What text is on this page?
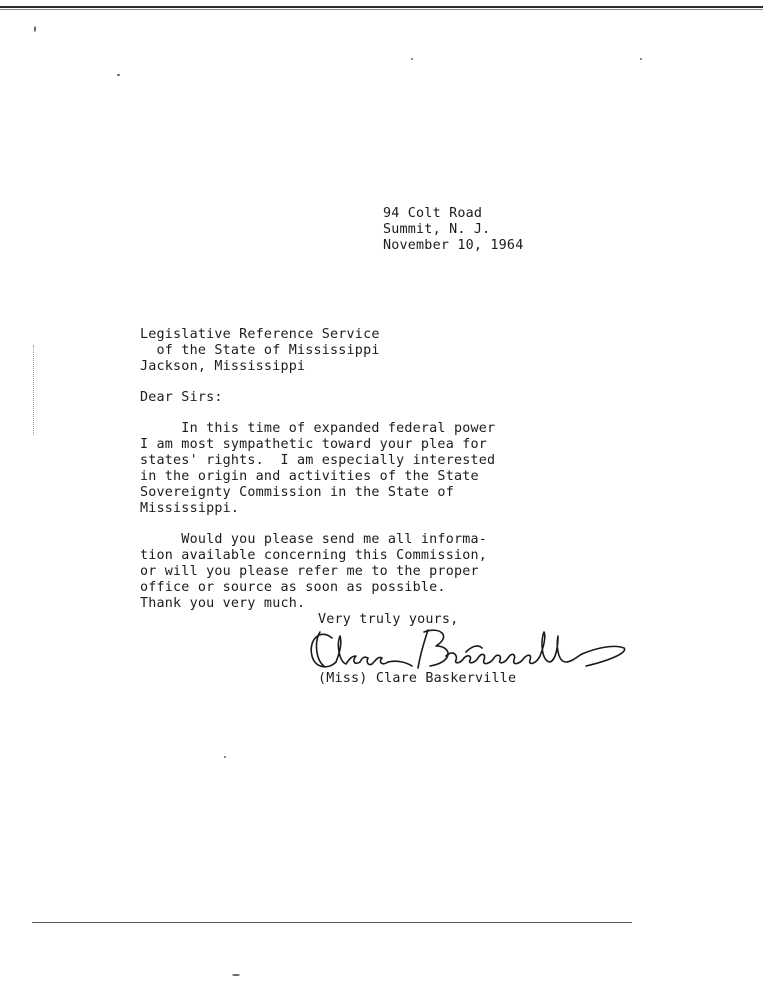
94 Colt Road
Summit, N. J.
November 10, 1964
Legislative Reference Service
of the State of Mississippi
Jackson, Mississippi
Dear Sirs:
In this time of expanded federal power
I am most sympathetic toward your plea for
states' rights.  I am especially interested
in the origin and activities of the State
Sovereignty Commission in the State of
Mississippi.
Would you please send me all informa-
tion available concerning this Commission,
or will you please refer me to the proper
office or source as soon as possible.
Thank you very much.
Very truly yours,
(Miss) Clare Baskerville
